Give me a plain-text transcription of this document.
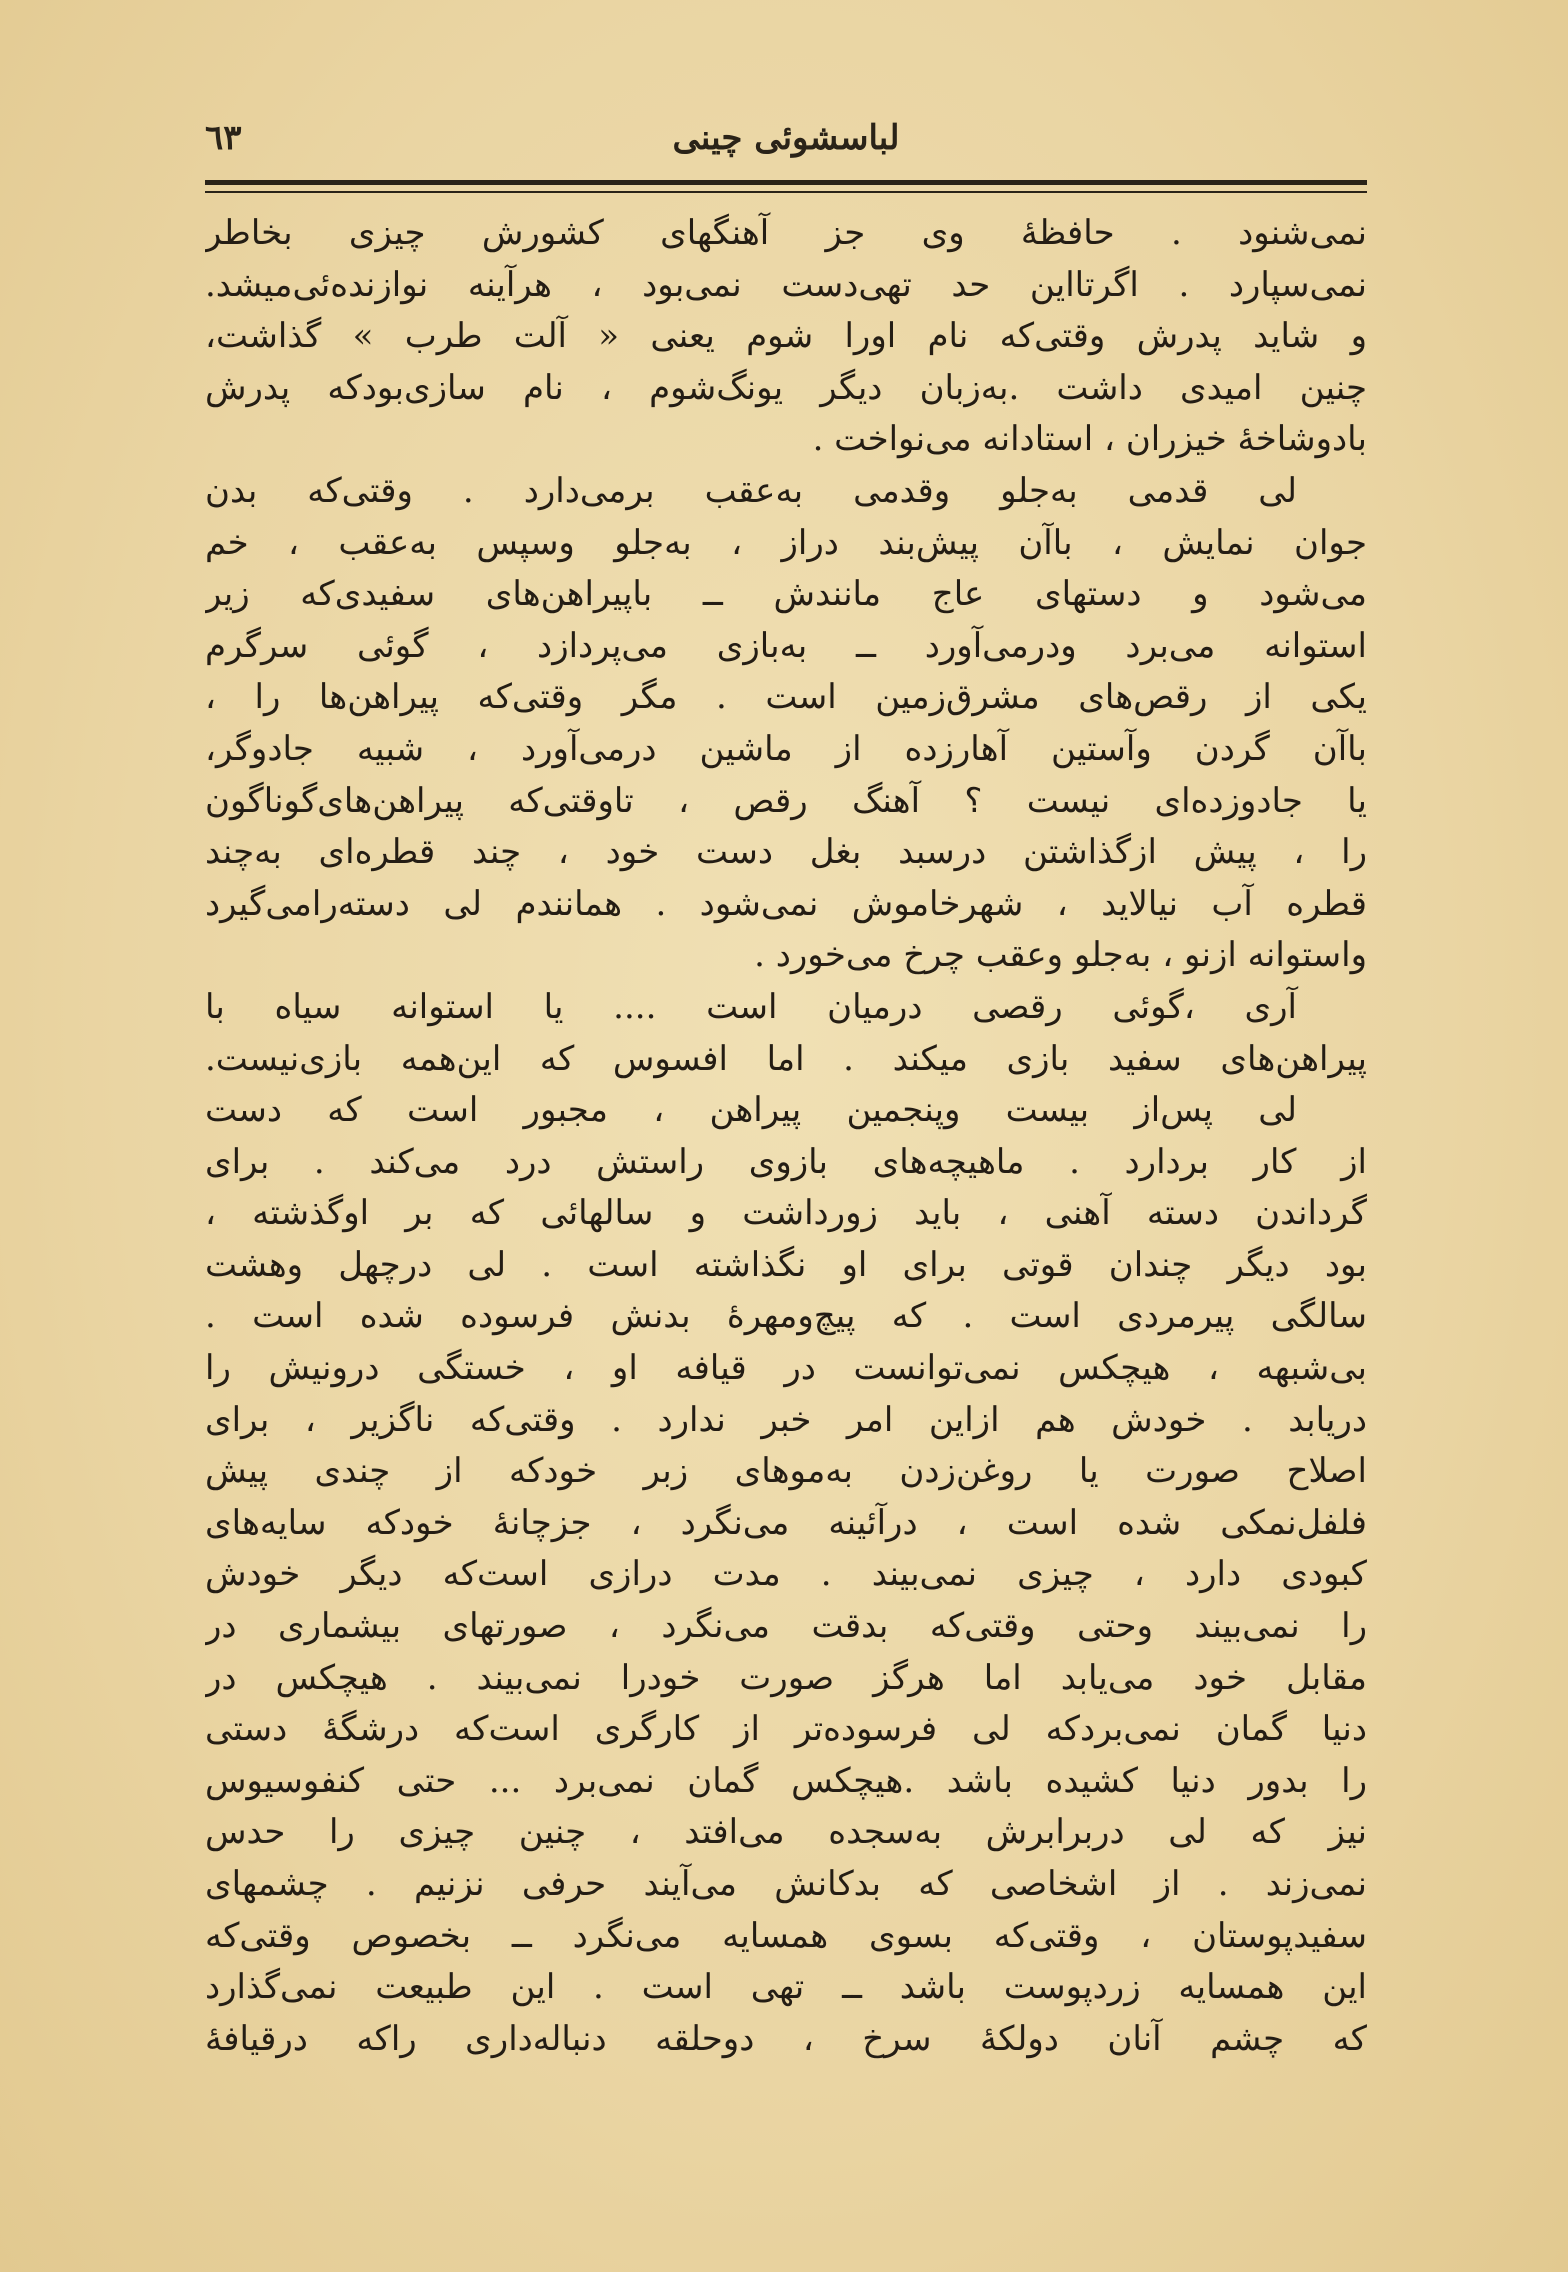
لباسشوئی چینی
٦٣
نمی‌شنود . حافظهٔ وی جز آهنگهای کشورش چیزی بخاطر
نمی‌سپارد . اگرتااین حد تهی‌دست نمی‌بود ، هرآینه نوازنده‌ئی‌میشد.
و شاید پدرش وقتی‌که نام اورا شوم یعنی « آلت طرب » گذاشت،
چنین امیدی داشت .به‌زبان دیگر یونگ‌شوم ، نام سازی‌بودکه پدرش
بادوشاخهٔ خیزران ، استادانه می‌نواخت .
لی قدمی به‌جلو وقدمی به‌عقب برمی‌دارد . وقتی‌که بدن
جوان نمایش ، باآن پیش‌بند دراز ، به‌جلو وسپس به‌عقب ، خم
می‌شود و دستهای عاج مانندش ــ باپیراهن‌های سفیدی‌که زیر
استوانه می‌برد ودرمی‌آورد ــ به‌بازی می‌پردازد ، گوئی سرگرم
یکی از رقص‌های مشرق‌زمین است . مگر وقتی‌که پیراهن‌ها را ،
باآن گردن وآستین آهارزده از ماشین درمی‌آورد ، شبیه جادوگر،
یا جادوزده‌ای نیست ؟ آهنگ رقص ، تاوقتی‌که پیراهن‌های‌گوناگون
را ، پیش ازگذاشتن درسبد بغل دست خود ، چند قطره‌ای به‌چند
قطره آب نیالاید ، شهرخاموش نمی‌شود . همانندم لی دسته‌رامی‌گیرد
واستوانه ازنو ، به‌جلو وعقب چرخ می‌خورد .
آری ،گوئی رقصی درمیان است .... یا استوانه سیاه با
پیراهن‌های سفید بازی میکند . اما افسوس که این‌همه بازی‌نیست.
لی پس‌از بیست وپنجمین پیراهن ، مجبور است که دست
از کار بردارد . ماهیچه‌های بازوی راستش درد می‌کند . برای
گرداندن دسته آهنی ، باید زورداشت و سالهائی که بر اوگذشته ،
بود دیگر چندان قوتی برای او نگذاشته است . لی درچهل وهشت
سالگی پیرمردی است . که پیچ‌ومهرهٔ بدنش فرسوده شده است .
بی‌شبهه ، هیچکس نمی‌توانست در قیافه او ، خستگی درونیش را
دریابد . خودش هم ازاین امر خبر ندارد . وقتی‌که ناگزیر ، برای
اصلاح صورت یا روغن‌زدن به‌موهای زبر خودکه از چندی پیش
فلفل‌نمکی شده است ، درآئینه می‌نگرد ، جزچانهٔ خودکه سایه‌های
کبودی دارد ، چیزی نمی‌بیند . مدت درازی است‌که دیگر خودش
را نمی‌بیند وحتی وقتی‌که بدقت می‌نگرد ، صورتهای بیشماری در
مقابل خود می‌یابد اما هرگز صورت خودرا نمی‌بیند . هیچکس در
دنیا گمان نمی‌بردکه لی فرسوده‌تر از کارگری است‌که درشگهٔ دستی
را بدور دنیا کشیده باشد .هیچکس گمان نمی‌برد ... حتی کنفوسیوس
نیز که لی دربرابرش به‌سجده می‌افتد ، چنین چیزی را حدس
نمی‌زند . از اشخاصی که بدکانش می‌آیند حرفی نزنیم . چشمهای
سفیدپوستان ، وقتی‌که بسوی همسایه می‌نگرد ــ بخصوص وقتی‌که
این همسایه زردپوست باشد ــ تهی است . این طبیعت نمی‌گذارد
که چشم آنان دولکهٔ سرخ ، دوحلقه دنباله‌داری راکه درقیافهٔ
